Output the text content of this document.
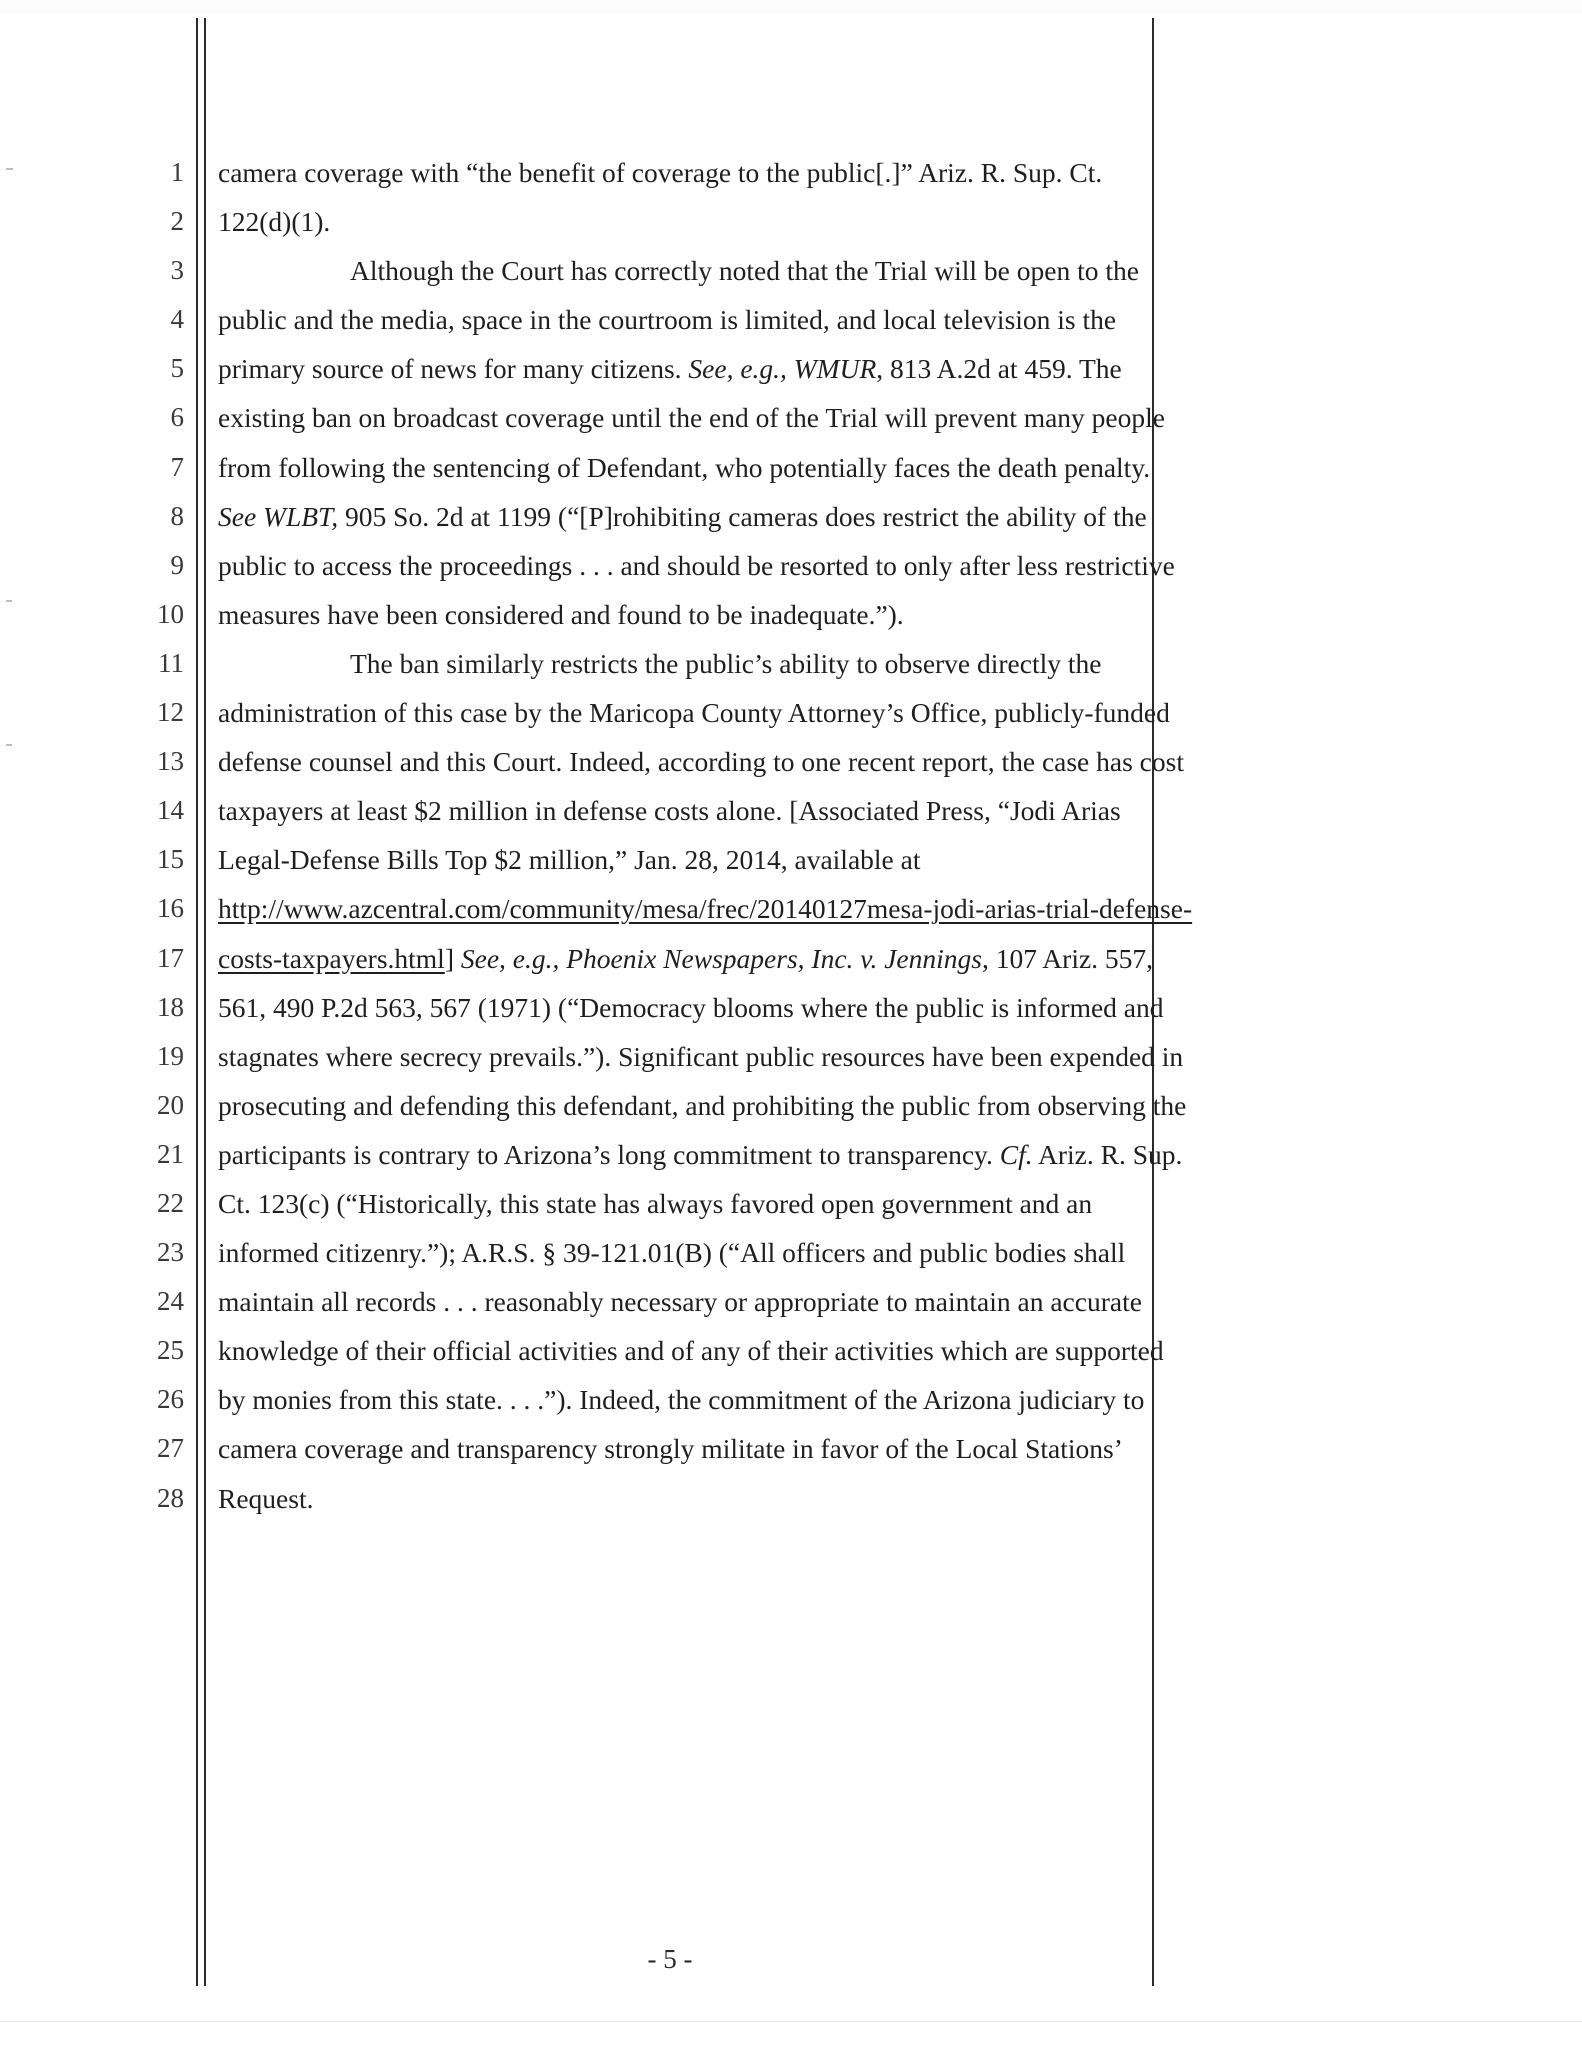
1 camera coverage with “the benefit of coverage to the public[.]” Ariz. R. Sup. Ct.
2 122(d)(1).
3	Although the Court has correctly noted that the Trial will be open to the
4 public and the media, space in the courtroom is limited, and local television is the
5 primary source of news for many citizens. See, e.g., WMUR, 813 A.2d at 459. The
6 existing ban on broadcast coverage until the end of the Trial will prevent many people
7 from following the sentencing of Defendant, who potentially faces the death penalty.
8 See WLBT, 905 So. 2d at 1199 (“[P]rohibiting cameras does restrict the ability of the
9 public to access the proceedings . . . and should be resorted to only after less restrictive
10 measures have been considered and found to be inadequate.”).
11	The ban similarly restricts the public’s ability to observe directly the
12 administration of this case by the Maricopa County Attorney’s Office, publicly-funded
13 defense counsel and this Court. Indeed, according to one recent report, the case has cost
14 taxpayers at least $2 million in defense costs alone. [Associated Press, “Jodi Arias
15 Legal-Defense Bills Top $2 million,” Jan. 28, 2014, available at
16 http://www.azcentral.com/community/mesa/frec/20140127mesa-jodi-arias-trial-defense-
17 costs-taxpayers.html] See, e.g., Phoenix Newspapers, Inc. v. Jennings, 107 Ariz. 557,
18 561, 490 P.2d 563, 567 (1971) (“Democracy blooms where the public is informed and
19 stagnates where secrecy prevails.”). Significant public resources have been expended in
20 prosecuting and defending this defendant, and prohibiting the public from observing the
21 participants is contrary to Arizona’s long commitment to transparency. Cf. Ariz. R. Sup.
22 Ct. 123(c) (“Historically, this state has always favored open government and an
23 informed citizenry.”); A.R.S. § 39-121.01(B) (“All officers and public bodies shall
24 maintain all records . . . reasonably necessary or appropriate to maintain an accurate
25 knowledge of their official activities and of any of their activities which are supported
26 by monies from this state. . . .”). Indeed, the commitment of the Arizona judiciary to
27 camera coverage and transparency strongly militate in favor of the Local Stations’
28 Request.
- 5 -
